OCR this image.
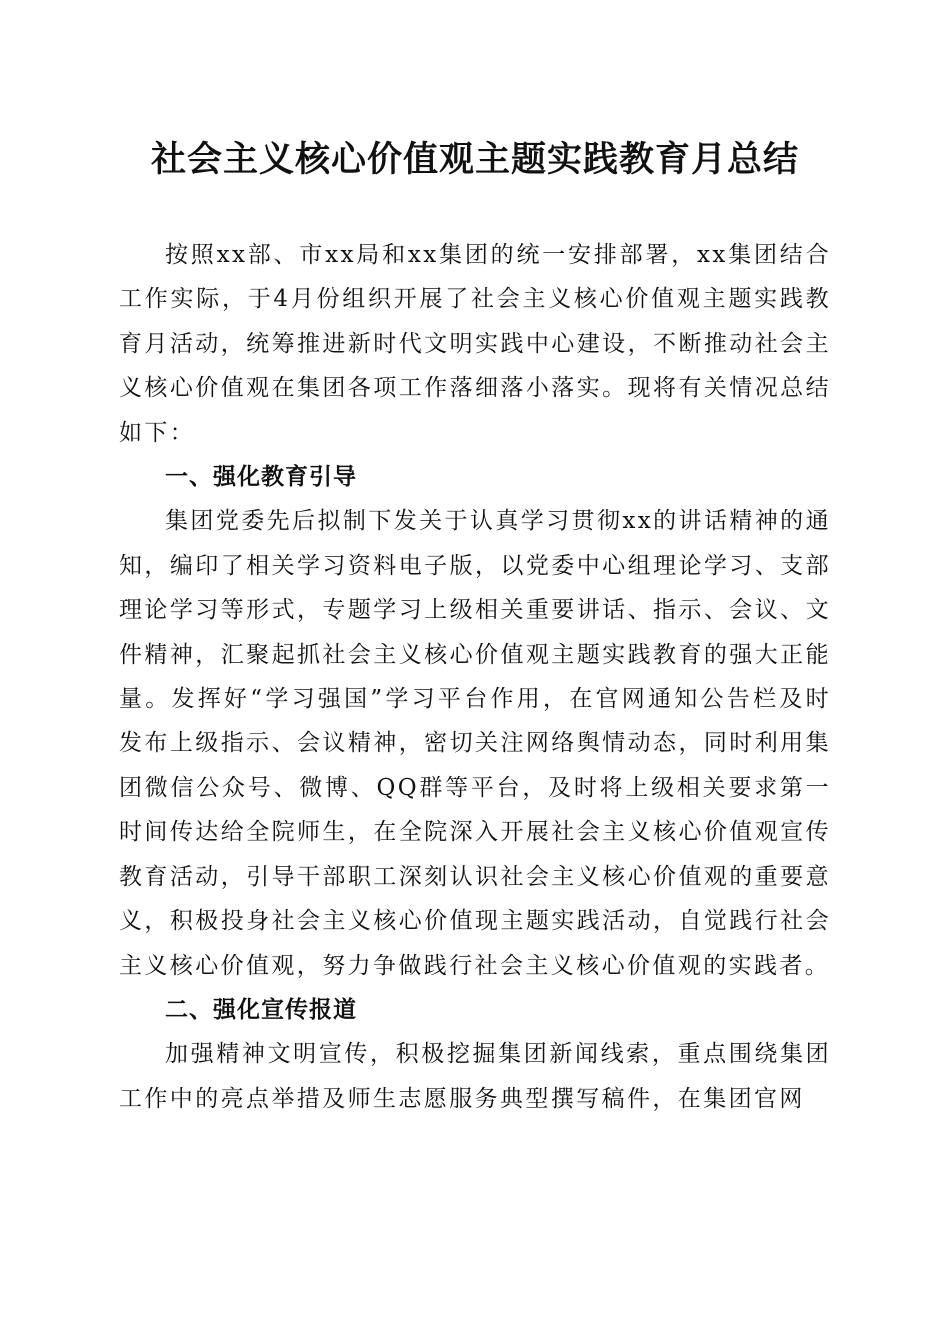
社会主义核心价值观主题实践教育月总结

按照xx部、市xx局和xx集团的统一安排部署，xx集团结合工作实际，于4月份组织开展了社会主义核心价值观主题实践教育月活动，统筹推进新时代文明实践中心建设，不断推动社会主义核心价值观在集团各项工作落细落小落实。现将有关情况总结如下：

一、强化教育引导

集团党委先后拟制下发关于认真学习贯彻xx的讲话精神的通知，编印了相关学习资料电子版，以党委中心组理论学习、支部理论学习等形式，专题学习上级相关重要讲话、指示、会议、文件精神，汇聚起抓社会主义核心价值观主题实践教育的强大正能量。发挥好“学习强国”学习平台作用，在官网通知公告栏及时发布上级指示、会议精神，密切关注网络舆情动态，同时利用集团微信公众号、微博、QQ群等平台，及时将上级相关要求第一时间传达给全院师生，在全院深入开展社会主义核心价值观宣传教育活动，引导干部职工深刻认识社会主义核心价值观的重要意义，积极投身社会主义核心价值现主题实践活动，自觉践行社会主义核心价值观，努力争做践行社会主义核心价值观的实践者。

二、强化宣传报道

加强精神文明宣传，积极挖掘集团新闻线索，重点围绕集团工作中的亮点举措及师生志愿服务典型撰写稿件，在集团官网
